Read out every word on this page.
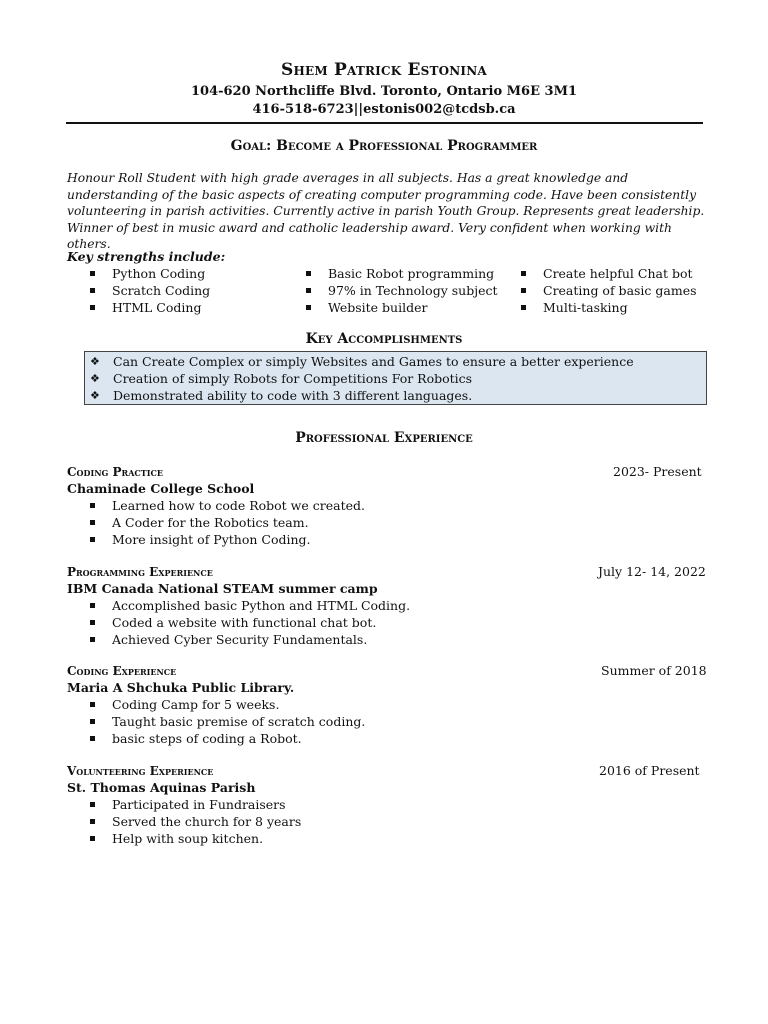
Shem Patrick Estonina
104-620 Northcliffe Blvd. Toronto, Ontario M6E 3M1
416-518-6723||estonis002@tcdsb.ca
Goal: Become a Professional Programmer
Honour Roll Student with high grade averages in all subjects. Has a great knowledge and understanding of the basic aspects of creating computer programming code. Have been consistently volunteering in parish activities. Currently active in parish Youth Group. Represents great leadership. Winner of best in music award and catholic leadership award. Very confident when working with others.
Key strengths include:
Python Coding
Scratch Coding
HTML Coding
Basic Robot programming
97% in Technology subject
Website builder
Create helpful Chat bot
Creating of basic games
Multi-tasking
Key Accomplishments
❖ Can Create Complex or simply Websites and Games to ensure a better experience
❖ Creation of simply Robots for Competitions For Robotics
❖ Demonstrated ability to code with 3 different languages.
Professional Experience
Coding Practice	2023- Present
Chaminade College School
Learned how to code Robot we created.
A Coder for the Robotics team.
More insight of Python Coding.
Programming Experience	July 12- 14, 2022
IBM Canada National STEAM summer camp
Accomplished basic Python and HTML Coding.
Coded a website with functional chat bot.
Achieved Cyber Security Fundamentals.
Coding Experience	Summer of 2018
Maria A Shchuka Public Library.
Coding Camp for 5 weeks.
Taught basic premise of scratch coding.
basic steps of coding a Robot.
Volunteering Experience	2016 of Present
St. Thomas Aquinas Parish
Participated in Fundraisers
Served the church for 8 years
Help with soup kitchen.
